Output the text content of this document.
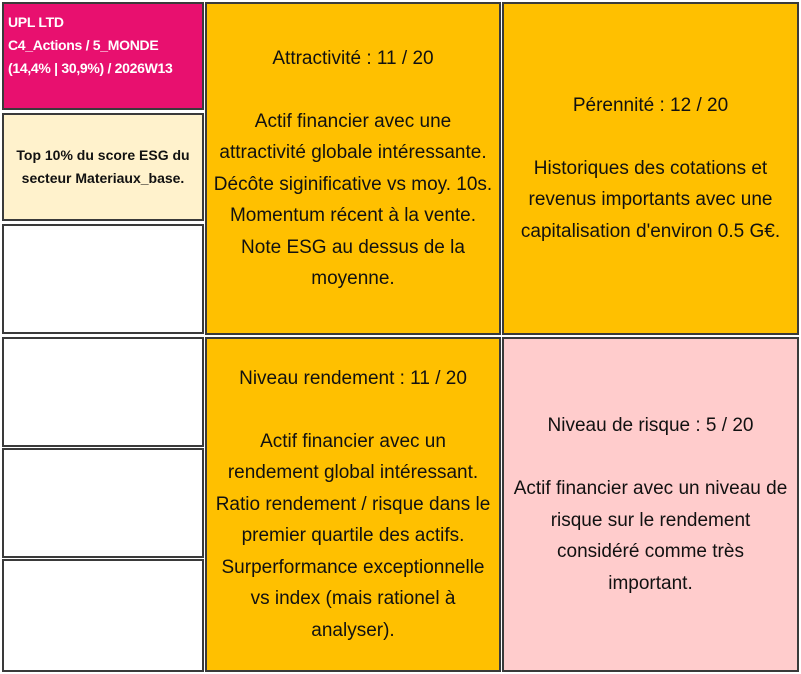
UPL LTD
C4_Actions / 5_MONDE
(14,4% | 30,9%) / 2026W13
Top 10% du score ESG du
secteur Materiaux_base.
Attractivité : 11 / 20
Actif financier avec une
attractivité globale intéressante.
Décôte siginificative vs moy. 10s.
Momentum récent à la vente.
Note ESG au dessus de la
moyenne.
Pérennité : 12 / 20
Historiques des cotations et
revenus importants avec une
capitalisation d'environ 0.5 G€.
Niveau rendement : 11 / 20
Actif financier avec un
rendement global intéressant.
Ratio rendement / risque dans le
premier quartile des actifs.
Surperformance exceptionnelle
vs index (mais rationel à
analyser).
Niveau de risque : 5 / 20
Actif financier avec un niveau de
risque sur le rendement
considéré comme très
important.
